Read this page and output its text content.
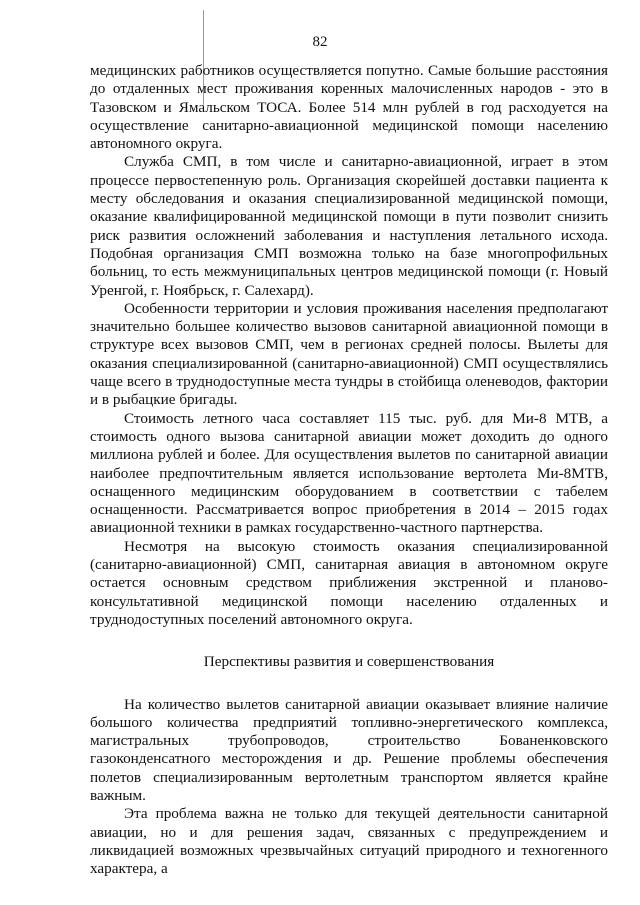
82

медицинских работников осуществляется попутно. Самые большие расстояния до отдаленных мест проживания коренных малочисленных народов - это в Тазовском и Ямальском ТОСА. Более 514 млн рублей в год расходуется на осуществление санитарно-авиационной медицинской помощи населению автономного округа.

Служба СМП, в том числе и санитарно-авиационной, играет в этом процессе первостепенную роль. Организация скорейшей доставки пациента к месту обследования и оказания специализированной медицинской помощи, оказание квалифицированной медицинской помощи в пути позволит снизить риск развития осложнений заболевания и наступления летального исхода. Подобная организация СМП возможна только на базе многопрофильных больниц, то есть межмуниципальных центров медицинской помощи (г. Новый Уренгой, г. Ноябрьск, г. Салехард).

Особенности территории и условия проживания населения предполагают значительно большее количество вызовов санитарной авиационной помощи в структуре всех вызовов СМП, чем в регионах средней полосы. Вылеты для оказания специализированной (санитарно-авиационной) СМП осуществлялись чаще всего в труднодоступные места тундры в стойбища оленеводов, фактории и в рыбацкие бригады.

Стоимость летного часа составляет 115 тыс. руб. для Ми-8 МТВ, а стоимость одного вызова санитарной авиации может доходить до одного миллиона рублей и более. Для осуществления вылетов по санитарной авиации наиболее предпочтительным является использование вертолета Ми-8МТВ, оснащенного медицинским оборудованием в соответствии с табелем оснащенности. Рассматривается вопрос приобретения в 2014 – 2015 годах авиационной техники в рамках государственно-частного партнерства.

Несмотря на высокую стоимость оказания специализированной (санитарно-авиационной) СМП, санитарная авиация в автономном округе остается основным средством приближения экстренной и планово-консультативной медицинской помощи населению отдаленных и труднодоступных поселений автономного округа.

Перспективы развития и совершенствования

На количество вылетов санитарной авиации оказывает влияние наличие большого количества предприятий топливно-энергетического комплекса, магистральных трубопроводов, строительство Бованенковского газоконденсатного месторождения и др. Решение проблемы обеспечения полетов специализированным вертолетным транспортом является крайне важным.

Эта проблема важна не только для текущей деятельности санитарной авиации, но и для решения задач, связанных с предупреждением и ликвидацией возможных чрезвычайных ситуаций природного и техногенного характера, а
